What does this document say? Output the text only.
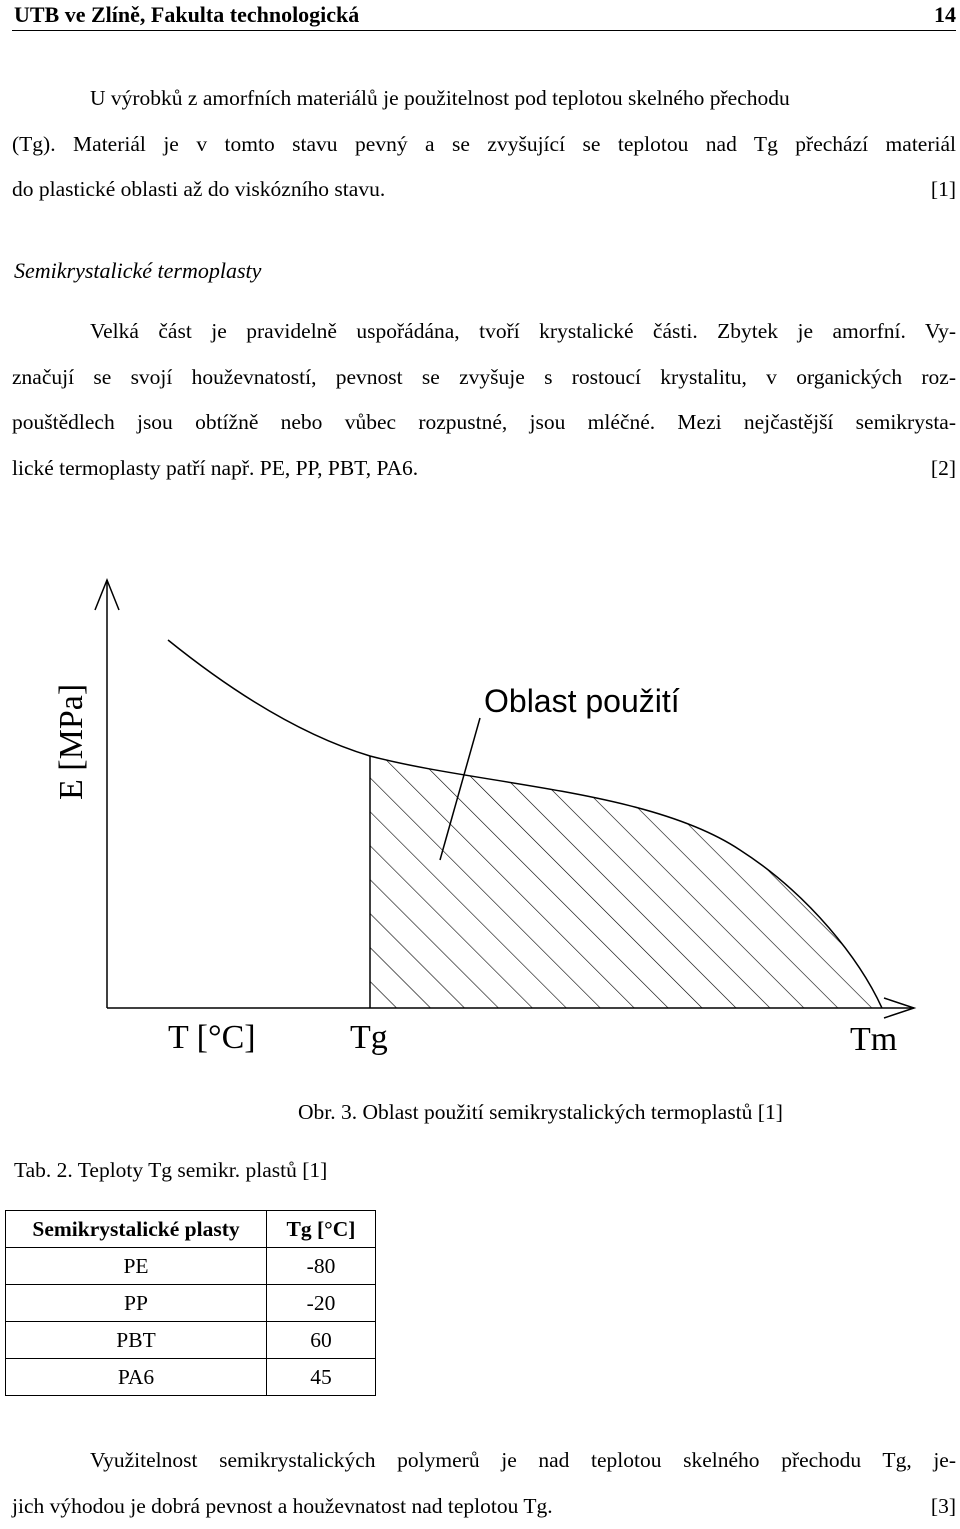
UTB ve Zlíně, Fakulta technologická	14
U výrobků z amorfních materiálů je použitelnost pod teplotou skelného přechodu
(Tg). Materiál je v tomto stavu pevný a se zvyšující se teplotou nad Tg přechází materiál
do plastické oblasti až do viskózního stavu.	[1]
Semikrystalické termoplasty
Velká část je pravidelně uspořádána, tvoří krystalické části. Zbytek je amorfní. Vy-
značují se svojí houževnatostí, pevnost se zvyšuje s rostoucí krystalitu, v organických roz-
pouštědlech jsou obtížně nebo vůbec rozpustné, jsou mléčné. Mezi nejčastější semikrysta-
lické termoplasty patří např. PE, PP, PBT, PA6.	[2]
E [MPa]
T [°C]	Tg	Tm
Oblast použití
Obr. 3. Oblast použití semikrystalických termoplastů [1]
Tab. 2. Teploty Tg semikr. plastů [1]
Semikrystalické plasty	Tg [°C]
PE	-80
PP	-20
PBT	60
PA6	45
Využitelnost semikrystalických polymerů je nad teplotou skelného přechodu Tg, je-
jich výhodou je dobrá pevnost a houževnatost nad teplotou Tg.	[3]
